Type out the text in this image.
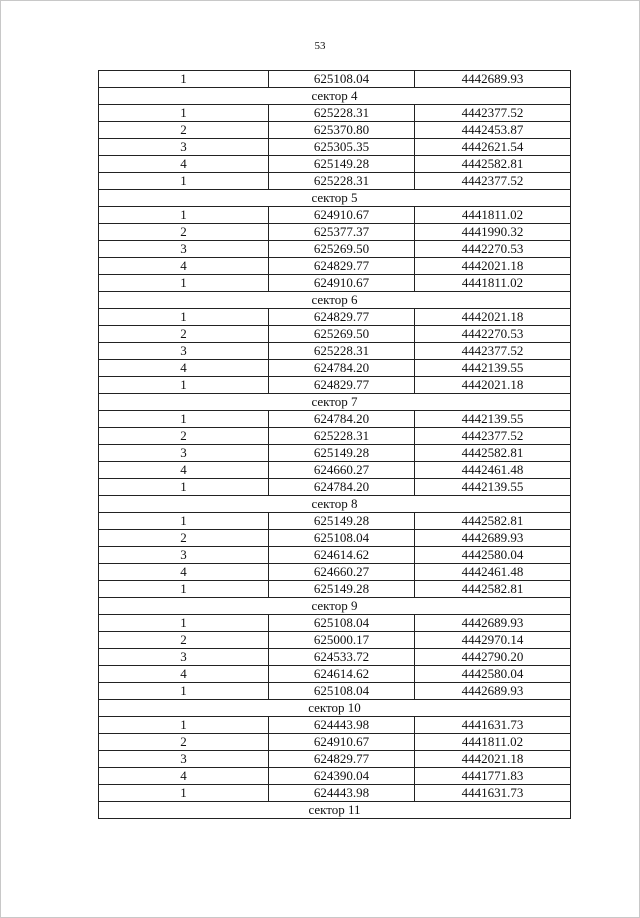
53
1	625108.04	4442689.93
сектор 4		
1	625228.31	4442377.52
2	625370.80	4442453.87
3	625305.35	4442621.54
4	625149.28	4442582.81
1	625228.31	4442377.52
сектор 5		
1	624910.67	4441811.02
2	625377.37	4441990.32
3	625269.50	4442270.53
4	624829.77	4442021.18
1	624910.67	4441811.02
сектор 6		
1	624829.77	4442021.18
2	625269.50	4442270.53
3	625228.31	4442377.52
4	624784.20	4442139.55
1	624829.77	4442021.18
сектор 7		
1	624784.20	4442139.55
2	625228.31	4442377.52
3	625149.28	4442582.81
4	624660.27	4442461.48
1	624784.20	4442139.55
сектор 8		
1	625149.28	4442582.81
2	625108.04	4442689.93
3	624614.62	4442580.04
4	624660.27	4442461.48
1	625149.28	4442582.81
сектор 9		
1	625108.04	4442689.93
2	625000.17	4442970.14
3	624533.72	4442790.20
4	624614.62	4442580.04
1	625108.04	4442689.93
сектор 10		
1	624443.98	4441631.73
2	624910.67	4441811.02
3	624829.77	4442021.18
4	624390.04	4441771.83
1	624443.98	4441631.73
сектор 11		
